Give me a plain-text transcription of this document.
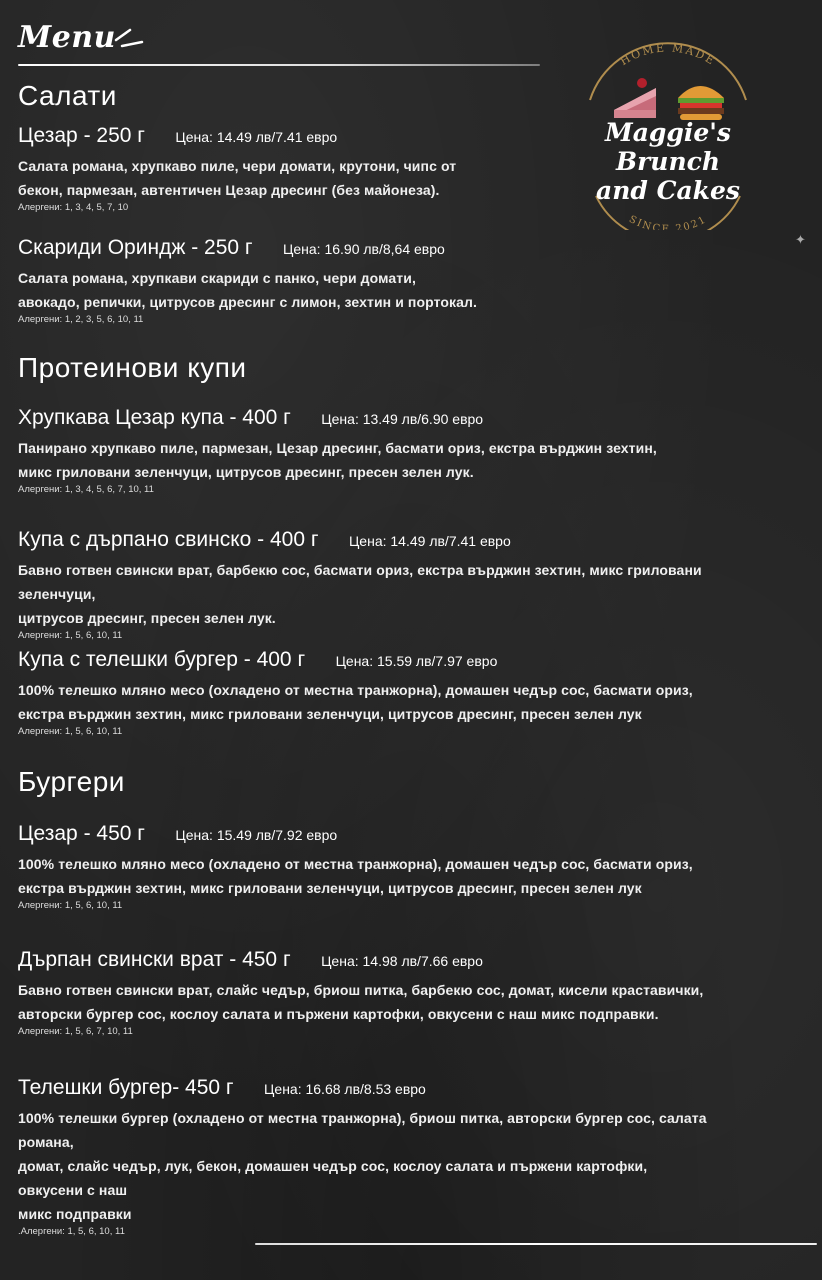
Menu
HOME MADE
SINCE 2021
Maggie's Brunch
and Cakes
✦
Салати
Цезар - 250 г Цена: 14.49 лв/7.41 евро
Салата романа, хрупкаво пиле, чери домати, крутони, чипс от
бекон, пармезан, автентичен Цезар дресинг (без майонеза).
Алергени: 1, 3, 4, 5, 7, 10
Скариди Ориндж - 250 г Цена: 16.90 лв/8,64 евро
Салата романа, хрупкави скариди с панко, чери домати,
авокадо, репички, цитрусов дресинг с лимон, зехтин и портокал.
Алергени: 1, 2, 3, 5, 6, 10, 11
Протеинови купи
Хрупкава Цезар купа - 400 г Цена: 13.49 лв/6.90 евро
Панирано хрупкаво пиле, пармезан, Цезар дресинг, басмати ориз, екстра върджин зехтин,
микс гриловани зеленчуци, цитрусов дресинг, пресен зелен лук.
Алергени: 1, 3, 4, 5, 6, 7, 10, 11
Купа с дърпано свинско - 400 г Цена: 14.49 лв/7.41 евро
Бавно готвен свински врат, барбекю сос, басмати ориз, екстра върджин зехтин, микс гриловани зеленчуци,
цитрусов дресинг, пресен зелен лук.
Алергени: 1, 5, 6, 10, 11
Купа с телешки бургер - 400 г Цена: 15.59 лв/7.97 евро
100% телешко мляно месо (охладено от местна транжорна), домашен чедър сос, басмати ориз,
екстра върджин зехтин, микс гриловани зеленчуци, цитрусов дресинг, пресен зелен лук
Алергени: 1, 5, 6, 10, 11
Бургери
Цезар - 450 г Цена: 15.49 лв/7.92 евро
100% телешко мляно месо (охладено от местна транжорна), домашен чедър сос, басмати ориз,
екстра върджин зехтин, микс гриловани зеленчуци, цитрусов дресинг, пресен зелен лук
Алергени: 1, 5, 6, 10, 11
Дърпан свински врат - 450 г Цена: 14.98 лв/7.66 евро
Бавно готвен свински врат, слайс чедър, бриош питка, барбекю сос, домат, кисели краставички,
авторски бургер сос, кослоу салата и пържени картофки, овкусени с наш микс подправки.
Алергени: 1, 5, 6, 7, 10, 11
Телешки бургер- 450 г Цена: 16.68 лв/8.53 евро
100% телешки бургер (охладено от местна транжорна), бриош питка, авторски бургер сос, салата романа,
домат, слайс чедър, лук, бекон, домашен чедър сос, кослоу салата и пържени картофки, овкусени с наш
микс подправки
.Алергени: 1, 5, 6, 10, 11
